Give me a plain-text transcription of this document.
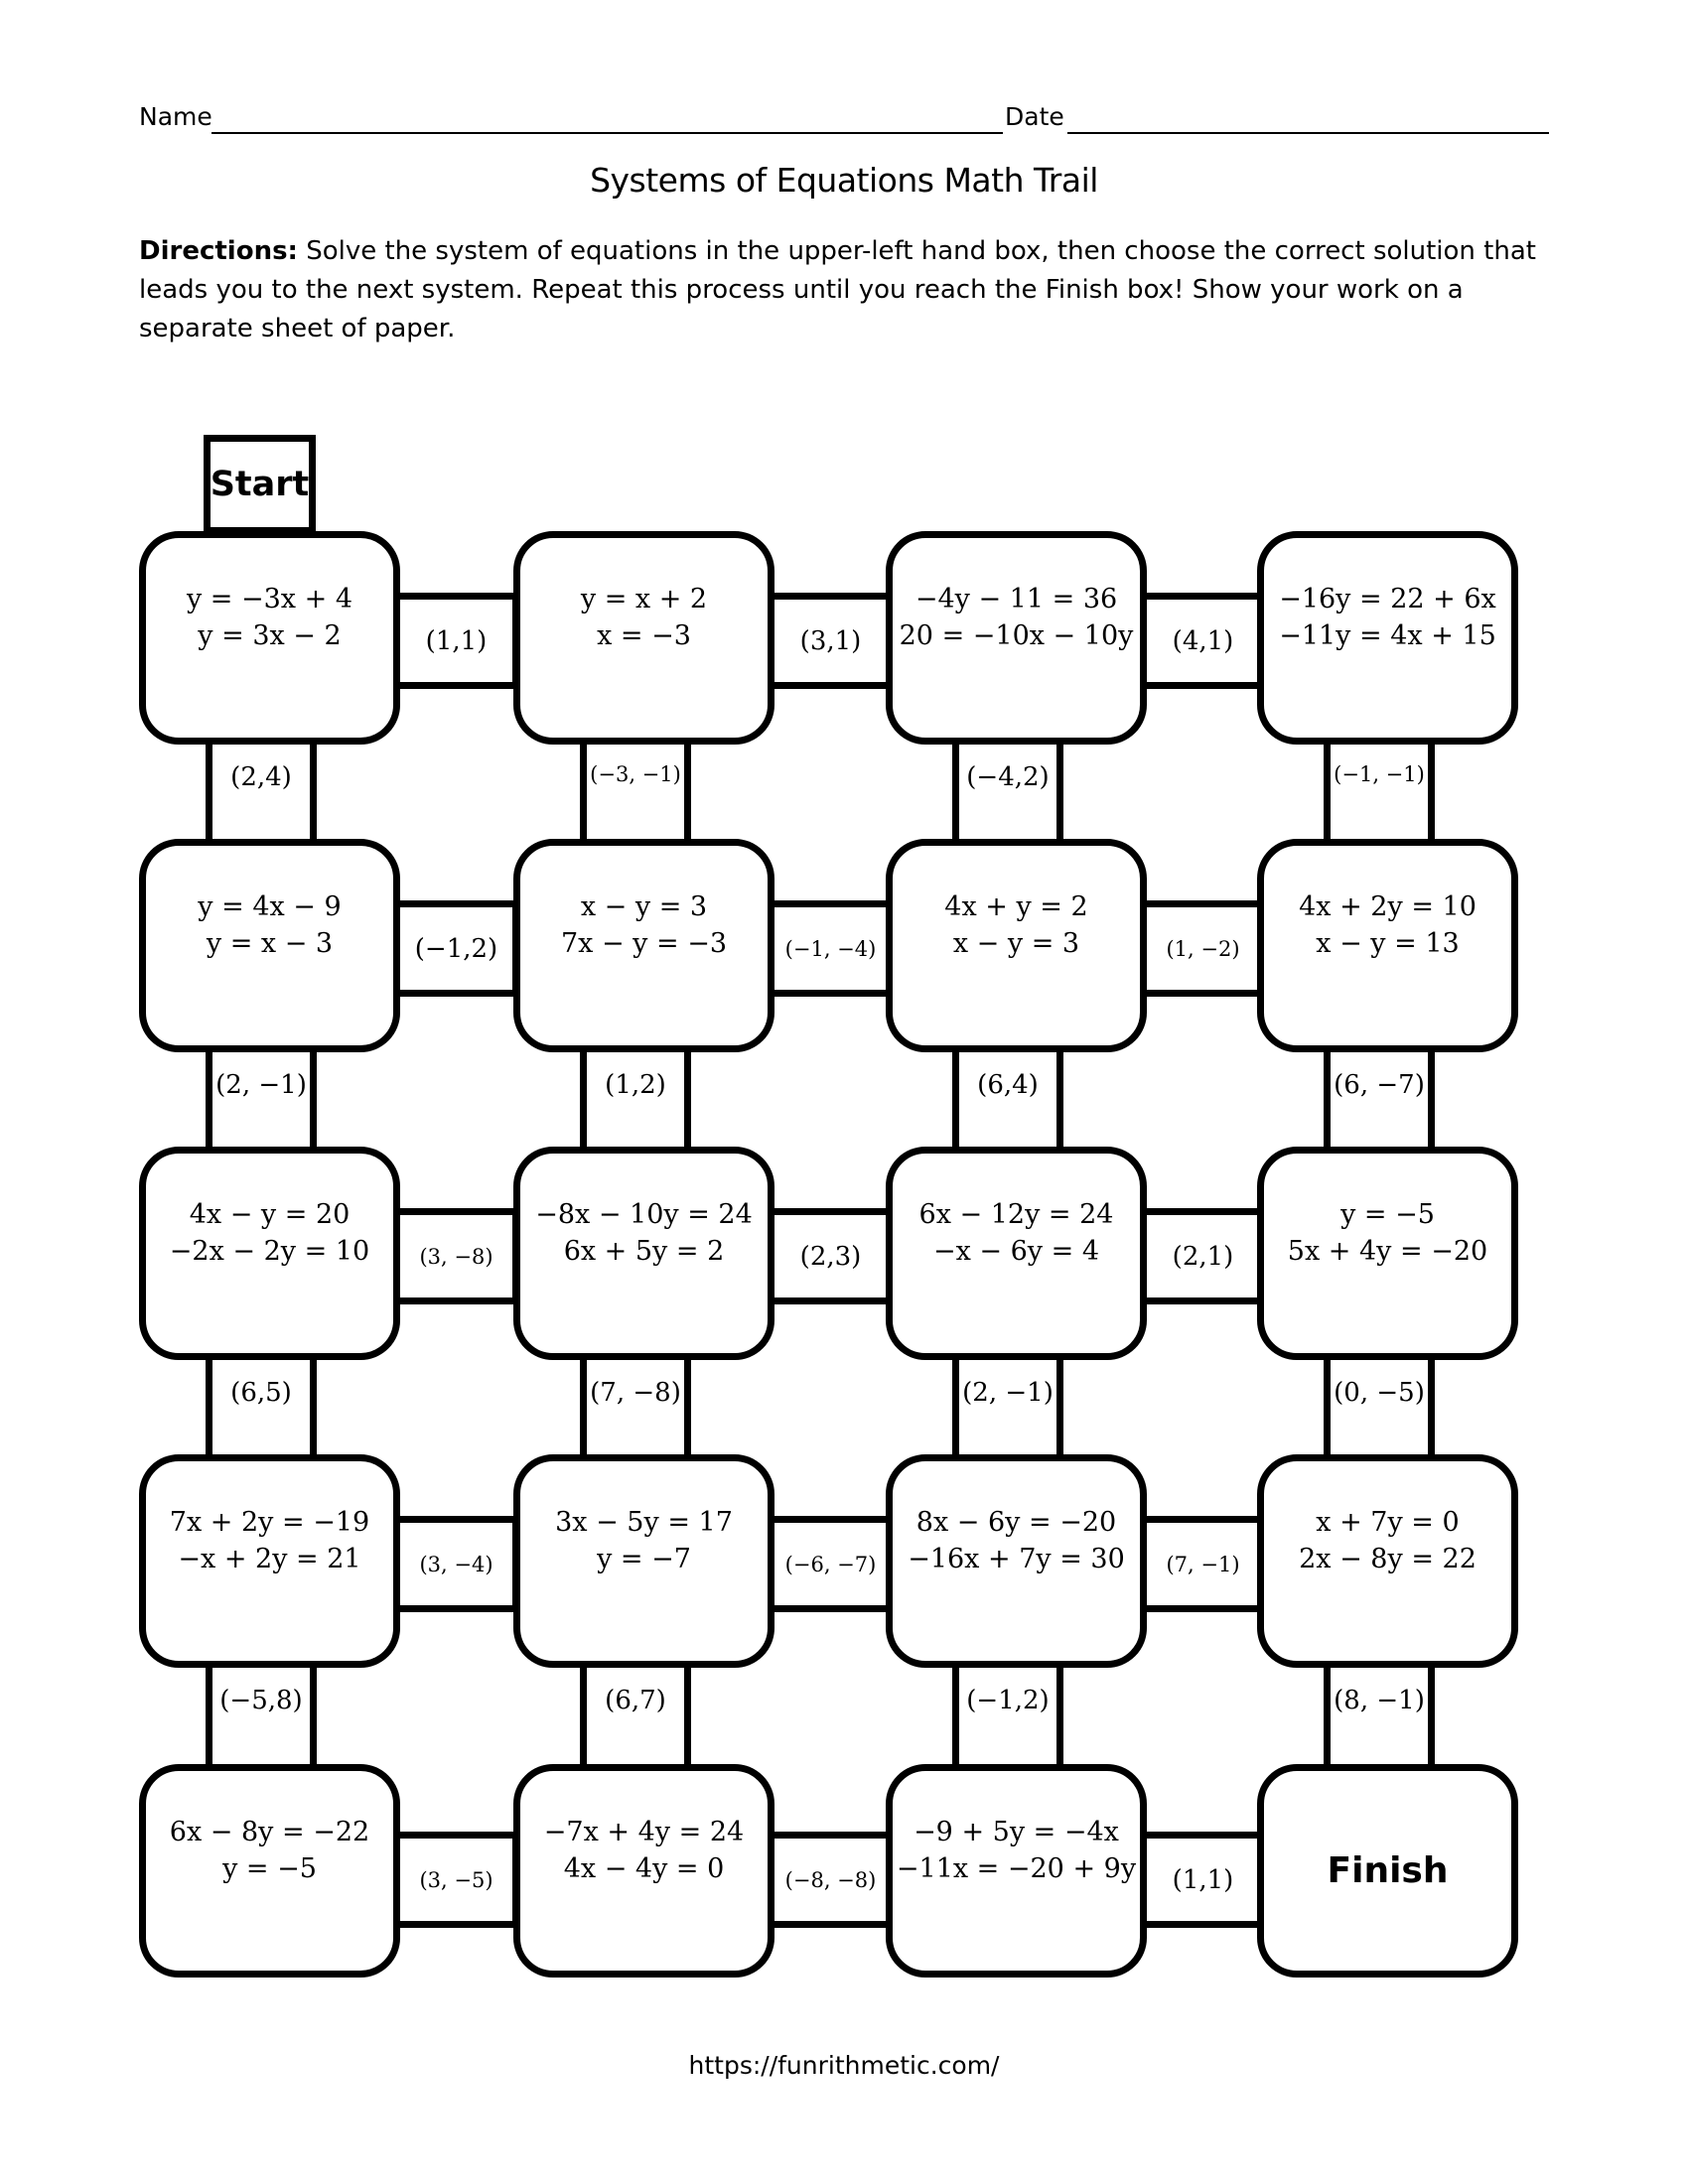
Name	Date
Systems of Equations Math Trail
Directions: Solve the system of equations in the upper-left hand box, then choose the correct solution that leads you to the next system. Repeat this process until you reach the Finish box! Show your work on a separate sheet of paper.
Start
y = −3x + 4
y = 3x − 2
y = x + 2
x = −3
−4y − 11 = 36
20 = −10x − 10y
−16y = 22 + 6x
−11y = 4x + 15
y = 4x − 9
y = x − 3
x − y = 3
7x − y = −3
4x + y = 2
x − y = 3
4x + 2y = 10
x − y = 13
4x − y = 20
−2x − 2y = 10
−8x − 10y = 24
6x + 5y = 2
6x − 12y = 24
−x − 6y = 4
y = −5
5x + 4y = −20
7x + 2y = −19
−x + 2y = 21
3x − 5y = 17
y = −7
8x − 6y = −20
−16x + 7y = 30
x + 7y = 0
2x − 8y = 22
6x − 8y = −22
y = −5
−7x + 4y = 24
4x − 4y = 0
−9 + 5y = −4x
−11x = −20 + 9y	Finish
(1,1)	(3,1)	(4,1)
(−1,2)	(−1, −4)	(1, −2)
(3, −8)	(2,3)	(2,1)
(3, −4)	(−6, −7)	(7, −1)
(3, −5)	(−8, −8)	(1,1)
(2,4)	(−3, −1)	(−4,2)	(−1, −1)
(2, −1)	(1,2)	(6,4)	(6, −7)
(6,5)	(7, −8)	(2, −1)	(0, −5)
(−5,8)	(6,7)	(−1,2)	(8, −1)
https://funrithmetic.com/
